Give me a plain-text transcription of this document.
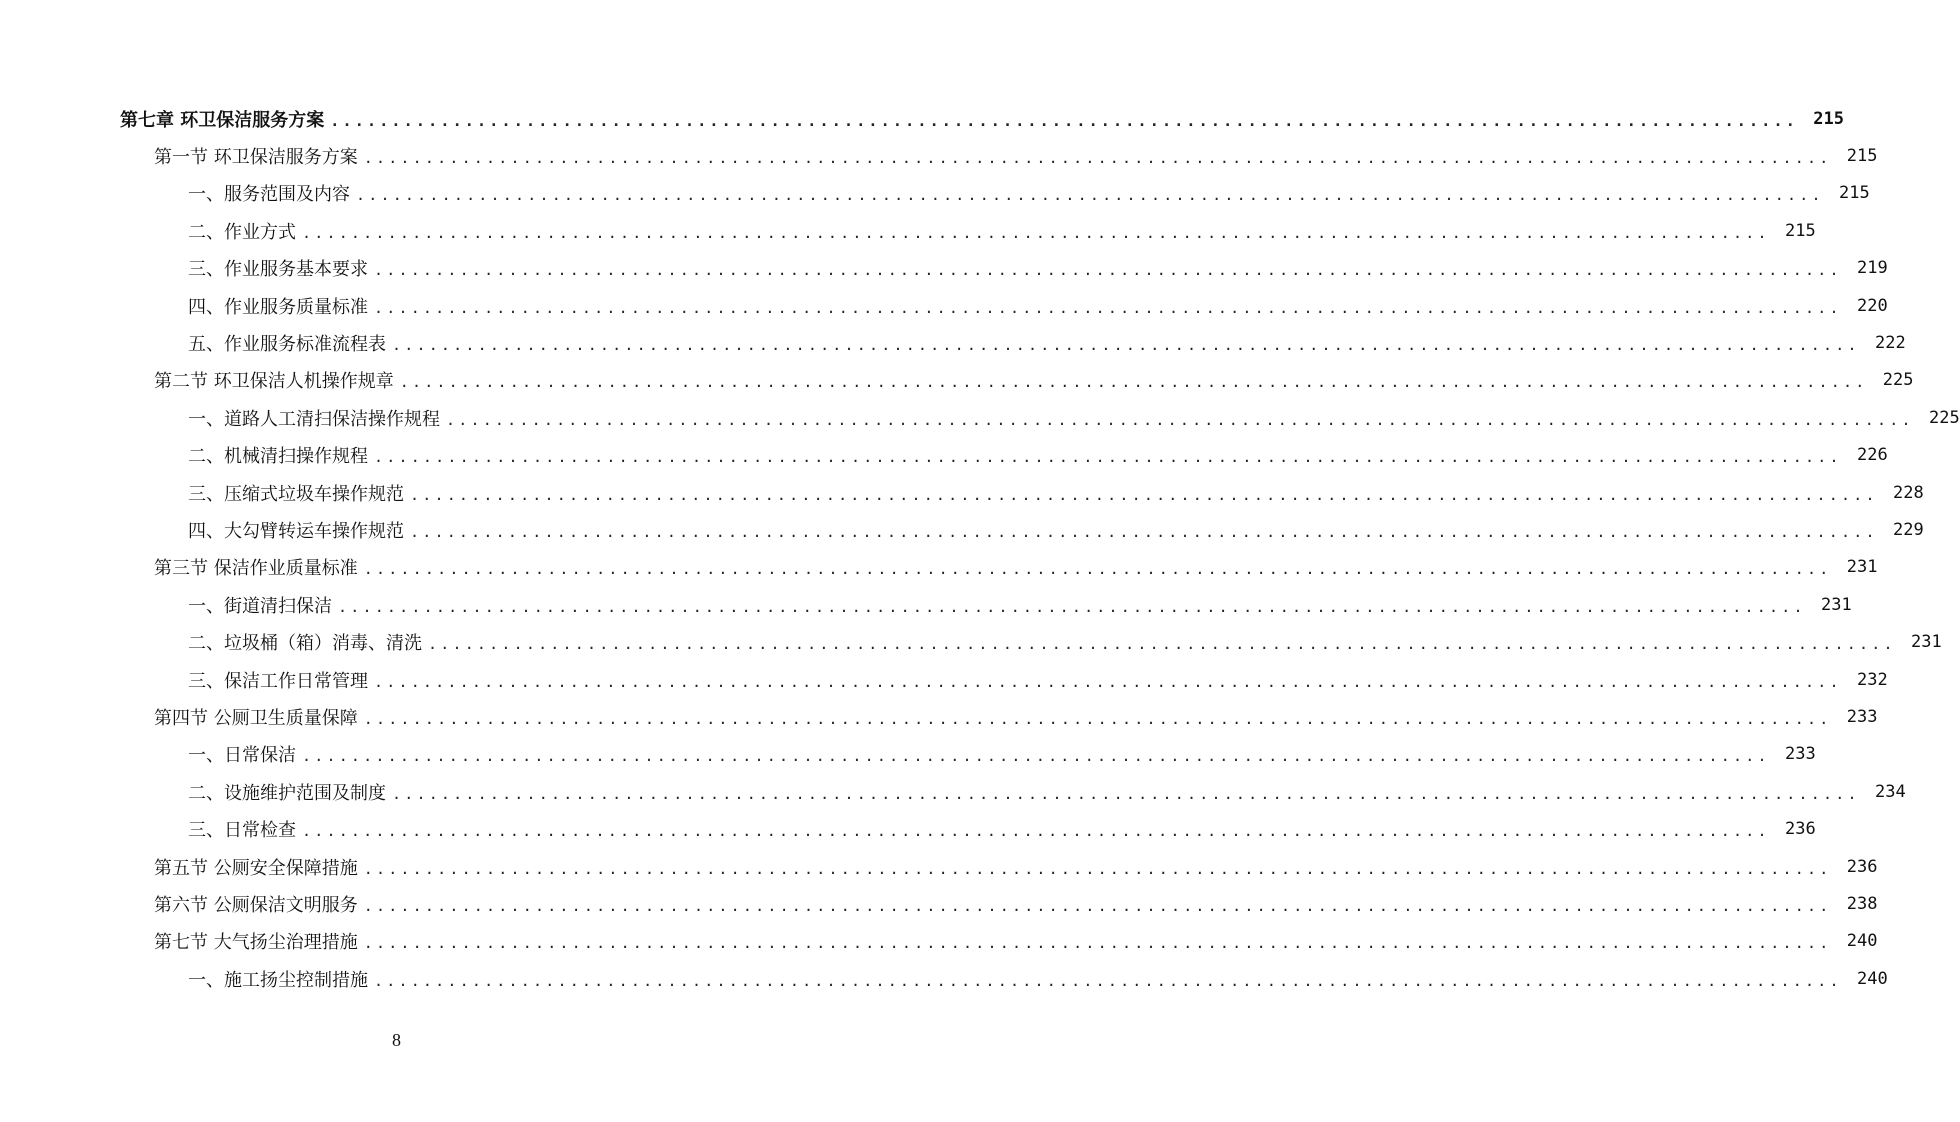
第七章 环卫保洁服务方案 ........................................................................................................................ 215
第一节 环卫保洁服务方案 ........................................................................................................................ 215
一、服务范围及内容 ........................................................................................................................ 215
二、作业方式 ........................................................................................................................ 215
三、作业服务基本要求 ........................................................................................................................ 219
四、作业服务质量标准 ........................................................................................................................ 220
五、作业服务标准流程表 ........................................................................................................................ 222
第二节 环卫保洁人机操作规章 ........................................................................................................................ 225
一、道路人工清扫保洁操作规程 ........................................................................................................................ 225
二、机械清扫操作规程 ........................................................................................................................ 226
三、压缩式垃圾车操作规范 ........................................................................................................................ 228
四、大勾臂转运车操作规范 ........................................................................................................................ 229
第三节 保洁作业质量标准 ........................................................................................................................ 231
一、街道清扫保洁 ........................................................................................................................ 231
二、垃圾桶（箱）消毒、清洗 ........................................................................................................................ 231
三、保洁工作日常管理 ........................................................................................................................ 232
第四节 公厕卫生质量保障 ........................................................................................................................ 233
一、日常保洁 ........................................................................................................................ 233
二、设施维护范围及制度 ........................................................................................................................ 234
三、日常检查 ........................................................................................................................ 236
第五节 公厕安全保障措施 ........................................................................................................................ 236
第六节 公厕保洁文明服务 ........................................................................................................................ 238
第七节 大气扬尘治理措施 ........................................................................................................................ 240
一、施工扬尘控制措施 ........................................................................................................................ 240
8
